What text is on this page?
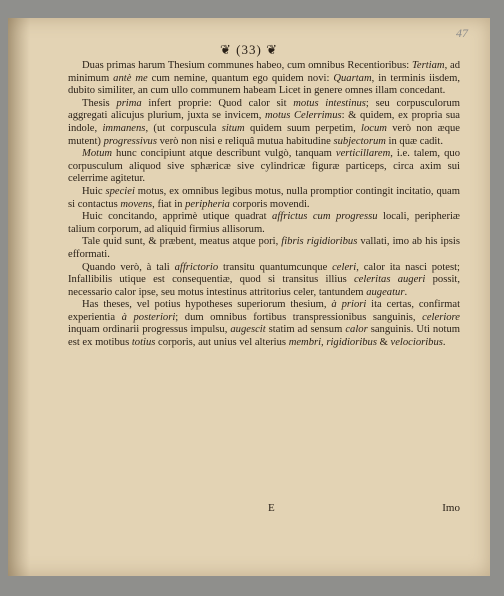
47
❦ (33) ❦

Duas primas harum Thesium communes habeo, cum omnibus Recentioribus: Tertiam, ad minimum antè me cum nemine, quantum ego quidem novi: Quartam, in terminis iisdem, dubito similiter, an cum ullo communem habeam Licet in genere omnes illam concedant.

Thesis prima infert proprie: Quod calor sit motus intestinus; seu corpusculorum aggregati alicujus plurium, juxta se invicem, motus Celerrimus: & quidem, ex propria sua indole, immanens, (ut corpuscula situm quidem suum perpetim, locum verò non æque mutent) progressivus verò non nisi e reliquâ mutua habitudine subjectorum in quæ cadit.

Motum hunc concipiunt atque describunt vulgò, tanquam verticillarem, i.e. talem, quo corpusculum aliquod sive sphæricæ sive cylindricæ figuræ particeps, circa axim sui celerrime agitetur.

Huic speciei motus, ex omnibus legibus motus, nulla promptior contingit incitatio, quam si contactus movens, fiat in peripheria corporis movendi.

Huic concitando, apprimè utique quadrat affrictus cum progressu locali, peripheriæ talium corporum, ad aliquid firmius allisorum.

Tale quid sunt, & præbent, meatus atque pori, fibris rigidioribus vallati, imo ab his ipsis efformati.

Quando verò, à tali affrictorio transitu quantumcunque celeri, calor ita nasci potest; Infallibilis utique est consequentiæ, quod si transitus illius celeritas augeri possit, necessario calor ipse, seu motus intestinus attritorius celer, tantundem augeatur.

Has theses, vel potius hypotheses superiorum thesium, à priori ita certas, confirmat experientia à posteriori; dum omnibus fortibus transpressionibus sanguinis, celeriore inquam ordinarii progressus impulsu, augescit statim ad sensum calor sanguinis. Uti notum est ex motibus totius corporis, aut unius vel alterius membri, rigidioribus & velocioribus.

E	Imo
